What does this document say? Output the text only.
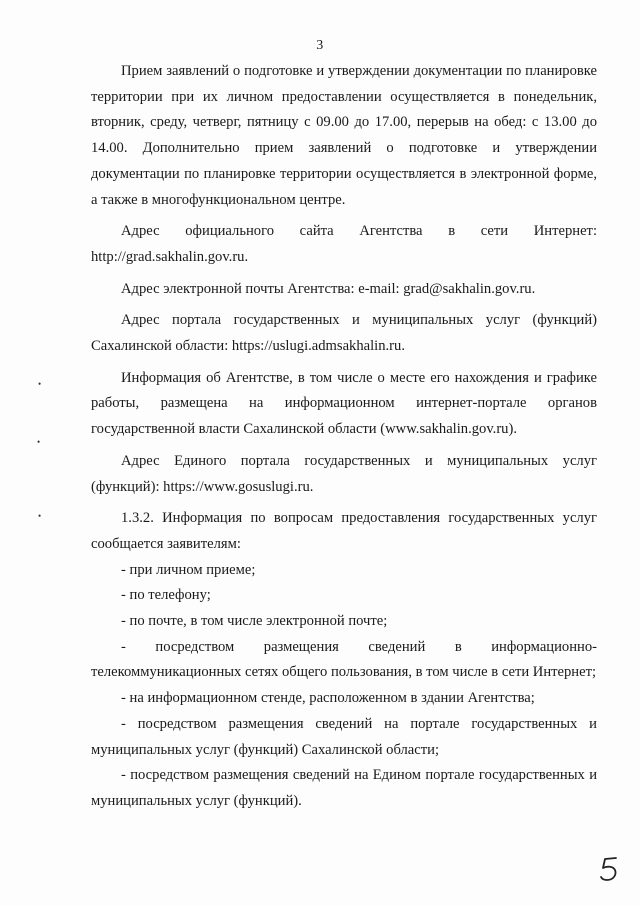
3

Прием заявлений о подготовке и утверждении документации по планировке территории при их личном предоставлении осуществляется в понедельник, вторник, среду, четверг, пятницу с 09.00 до 17.00, перерыв на обед: с 13.00 до 14.00. Дополнительно прием заявлений о подготовке и утверждении документации по планировке территории осуществляется в электронной форме, а также в многофункциональном центре.

Адрес официального сайта Агентства в сети Интернет: http://grad.sakhalin.gov.ru.

Адрес электронной почты Агентства: e-mail: grad@sakhalin.gov.ru.

Адрес портала государственных и муниципальных услуг (функций) Сахалинской области: https://uslugi.admsakhalin.ru.

Информация об Агентстве, в том числе о месте его нахождения и графике работы, размещена на информационном интернет-портале органов государственной власти Сахалинской области (www.sakhalin.gov.ru).

Адрес Единого портала государственных и муниципальных услуг (функций): https://www.gosuslugi.ru.

1.3.2. Информация по вопросам предоставления государственных услуг сообщается заявителям:

- при личном приеме;

- по телефону;

- по почте, в том числе электронной почте;

- посредством размещения сведений в информационно-телекоммуникационных сетях общего пользования, в том числе в сети Интернет;

- на информационном стенде, расположенном в здании Агентства;

- посредством размещения сведений на портале государственных и муниципальных услуг (функций) Сахалинской области;

- посредством размещения сведений на Едином портале государственных и муниципальных услуг (функций).

•
•
•
